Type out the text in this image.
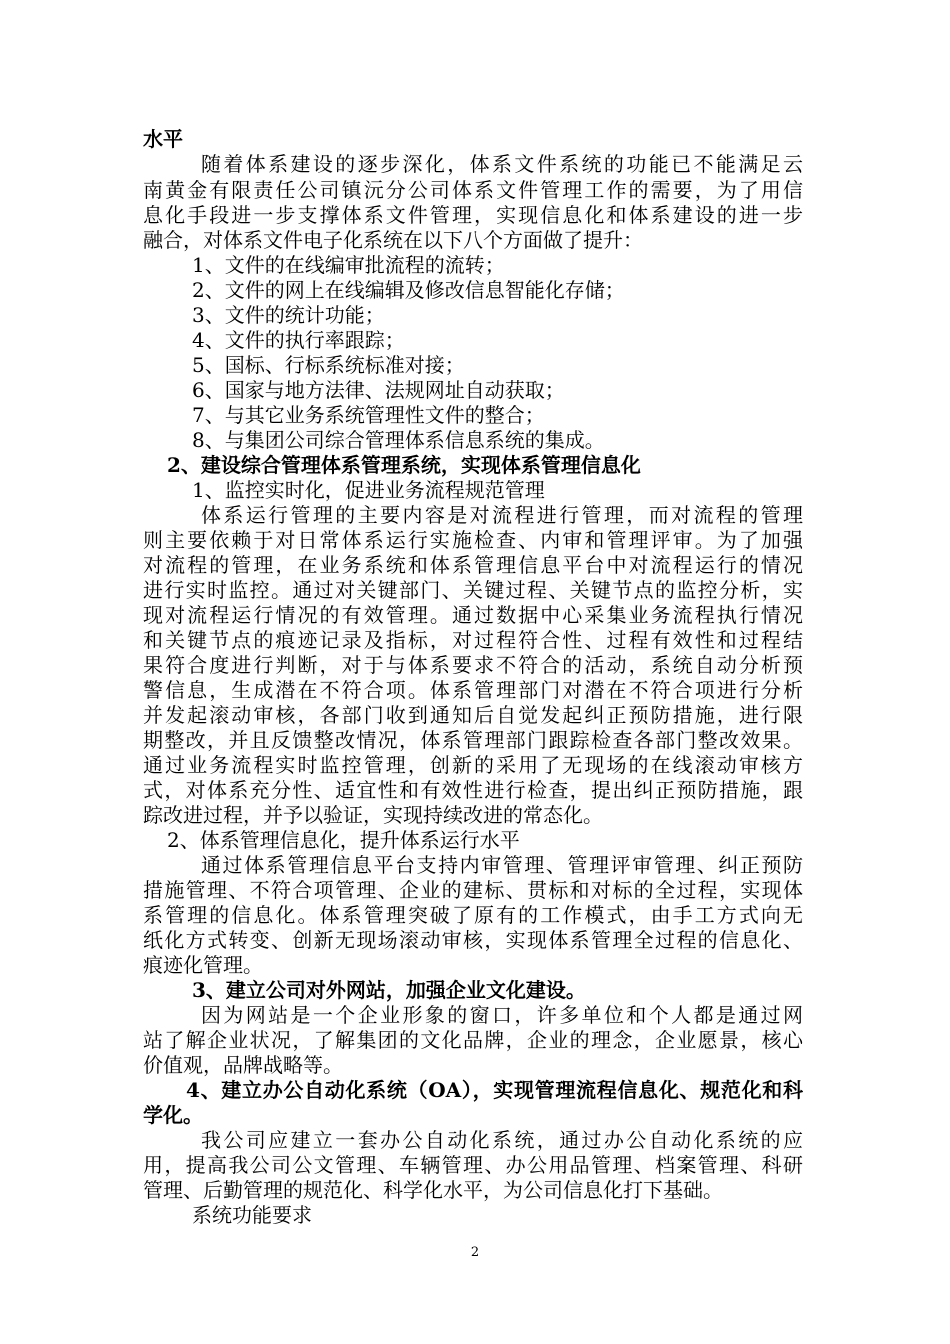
水平
随着体系建设的逐步深化，体系文件系统的功能已不能满足云
南黄金有限责任公司镇沅分公司体系文件管理工作的需要，为了用信
息化手段进一步支撑体系文件管理，实现信息化和体系建设的进一步
融合，对体系文件电子化系统在以下八个方面做了提升：
1、文件的在线编审批流程的流转；
2、文件的网上在线编辑及修改信息智能化存储；
3、文件的统计功能；
4、文件的执行率跟踪；
5、国标、行标系统标准对接；
6、国家与地方法律、法规网址自动获取；
7、与其它业务系统管理性文件的整合；
8、与集团公司综合管理体系信息系统的集成。
2、建设综合管理体系管理系统，实现体系管理信息化
1、监控实时化，促进业务流程规范管理
体系运行管理的主要内容是对流程进行管理，而对流程的管理
则主要依赖于对日常体系运行实施检查、内审和管理评审。为了加强
对流程的管理，在业务系统和体系管理信息平台中对流程运行的情况
进行实时监控。通过对关键部门、关键过程、关键节点的监控分析，实
现对流程运行情况的有效管理。通过数据中心采集业务流程执行情况
和关键节点的痕迹记录及指标，对过程符合性、过程有效性和过程结
果符合度进行判断，对于与体系要求不符合的活动，系统自动分析预
警信息，生成潜在不符合项。体系管理部门对潜在不符合项进行分析
并发起滚动审核，各部门收到通知后自觉发起纠正预防措施，进行限
期整改，并且反馈整改情况，体系管理部门跟踪检查各部门整改效果。
通过业务流程实时监控管理，创新的采用了无现场的在线滚动审核方
式，对体系充分性、适宜性和有效性进行检查，提出纠正预防措施，跟
踪改进过程，并予以验证，实现持续改进的常态化。
2、体系管理信息化，提升体系运行水平
通过体系管理信息平台支持内审管理、管理评审管理、纠正预防
措施管理、不符合项管理、企业的建标、贯标和对标的全过程，实现体
系管理的信息化。体系管理突破了原有的工作模式，由手工方式向无
纸化方式转变、创新无现场滚动审核，实现体系管理全过程的信息化、
痕迹化管理。
3、建立公司对外网站，加强企业文化建设。
因为网站是一个企业形象的窗口，许多单位和个人都是通过网
站了解企业状况，了解集团的文化品牌，企业的理念，企业愿景，核心
价值观，品牌战略等。
4、建立办公自动化系统（OA），实现管理流程信息化、规范化和科
学化。
我公司应建立一套办公自动化系统，通过办公自动化系统的应
用，提高我公司公文管理、车辆管理、办公用品管理、档案管理、科研
管理、后勤管理的规范化、科学化水平，为公司信息化打下基础。
系统功能要求
2
